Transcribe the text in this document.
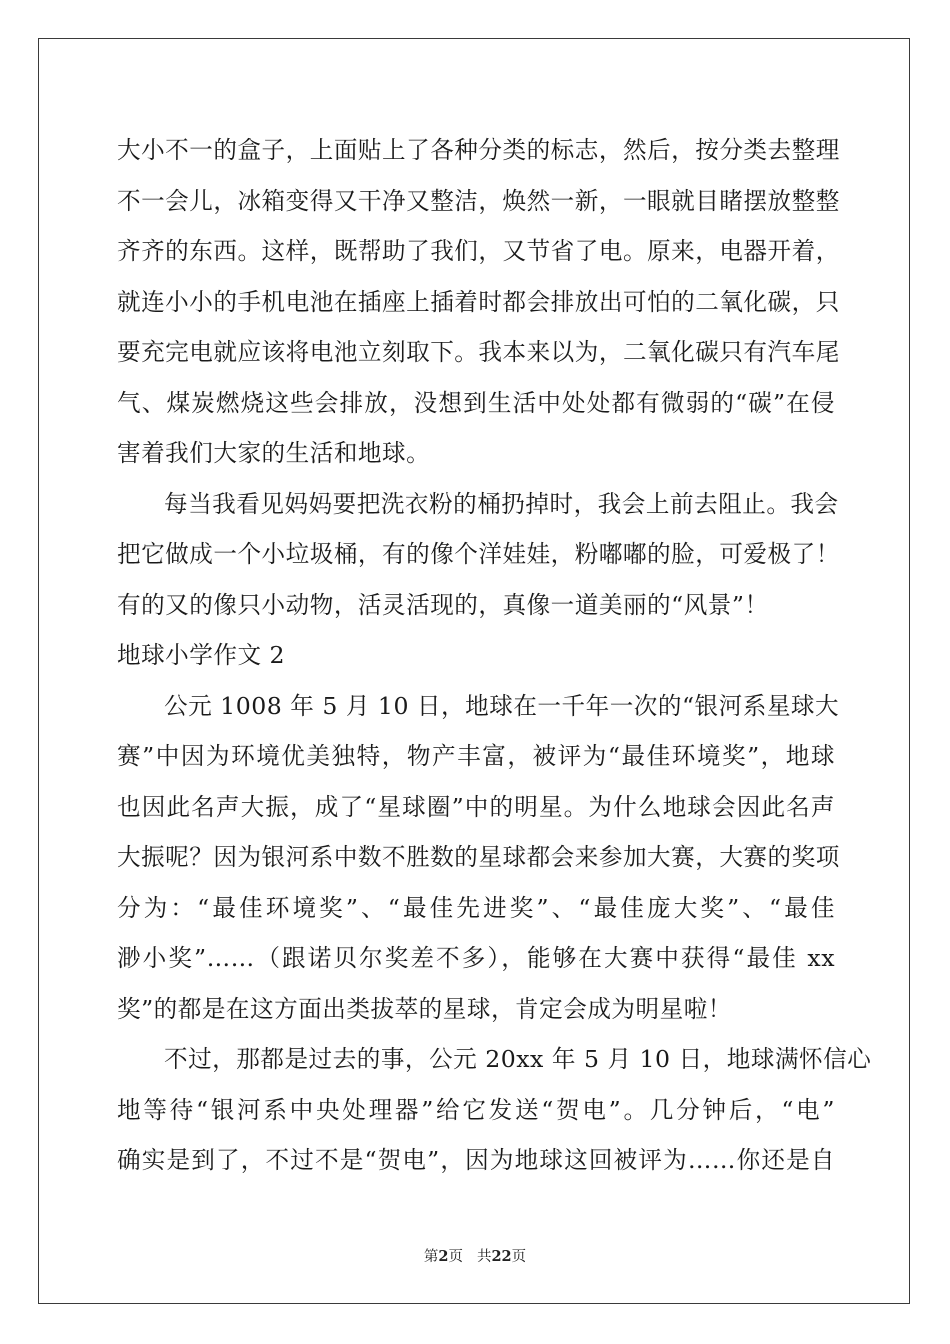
大小不一的盒子，上面贴上了各种分类的标志，然后，按分类去整理
不一会儿，冰箱变得又干净又整洁，焕然一新，一眼就目睹摆放整整
齐齐的东西。这样，既帮助了我们，又节省了电。原来，电器开着，
就连小小的手机电池在插座上插着时都会排放出可怕的二氧化碳，只
要充完电就应该将电池立刻取下。我本来以为，二氧化碳只有汽车尾
气、煤炭燃烧这些会排放，没想到生活中处处都有微弱的“碳”在侵
害着我们大家的生活和地球。
每当我看见妈妈要把洗衣粉的桶扔掉时，我会上前去阻止。我会
把它做成一个小垃圾桶，有的像个洋娃娃，粉嘟嘟的脸，可爱极了！
有的又的像只小动物，活灵活现的，真像一道美丽的“风景”！
地球小学作文 2
公元 1008 年 5 月 10 日，地球在一千年一次的“银河系星球大
赛”中因为环境优美独特，物产丰富，被评为“最佳环境奖”，地球
也因此名声大振，成了“星球圈”中的明星。为什么地球会因此名声
大振呢？因为银河系中数不胜数的星球都会来参加大赛，大赛的奖项
分为：“最佳环境奖”、“最佳先进奖”、“最佳庞大奖”、“最佳
渺小奖”……（跟诺贝尔奖差不多），能够在大赛中获得“最佳 xx
奖”的都是在这方面出类拔萃的星球，肯定会成为明星啦！
不过，那都是过去的事，公元 20xx 年 5 月 10 日，地球满怀信心
地等待“银河系中央处理器”给它发送“贺电”。几分钟后，“电”
确实是到了，不过不是“贺电”，因为地球这回被评为……你还是自
第2页 共22页
